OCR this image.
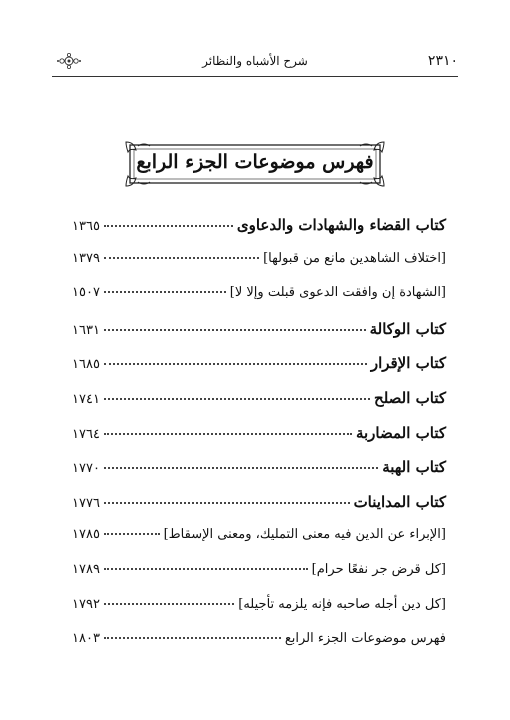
٢٣١٠
شرح الأشباه والنظائر
فهرس موضوعات الجزء الرابع
كتاب القضاء والشهادات والدعاوى
١٣٦٥
[اختلاف الشاهدين مانع من قبولها]
١٣٧٩
[الشهادة إن وافقت الدعوى قبلت وإلا لا]
١٥٠٧
كتاب الوكالة
١٦٣١
كتاب الإقرار
١٦٨٥
كتاب الصلح
١٧٤١
كتاب المضاربة
١٧٦٤
كتاب الهبة
١٧٧٠
كتاب المداينات
١٧٧٦
[الإبراء عن الدين فيه معنى التمليك، ومعنى الإسقاط]
١٧٨٥
[كل قرض جر نفعًا حرام]
١٧٨٩
[كل دين أجله صاحبه فإنه يلزمه تأجيله]
١٧٩٢
فهرس موضوعات الجزء الرابع
١٨٠٣
